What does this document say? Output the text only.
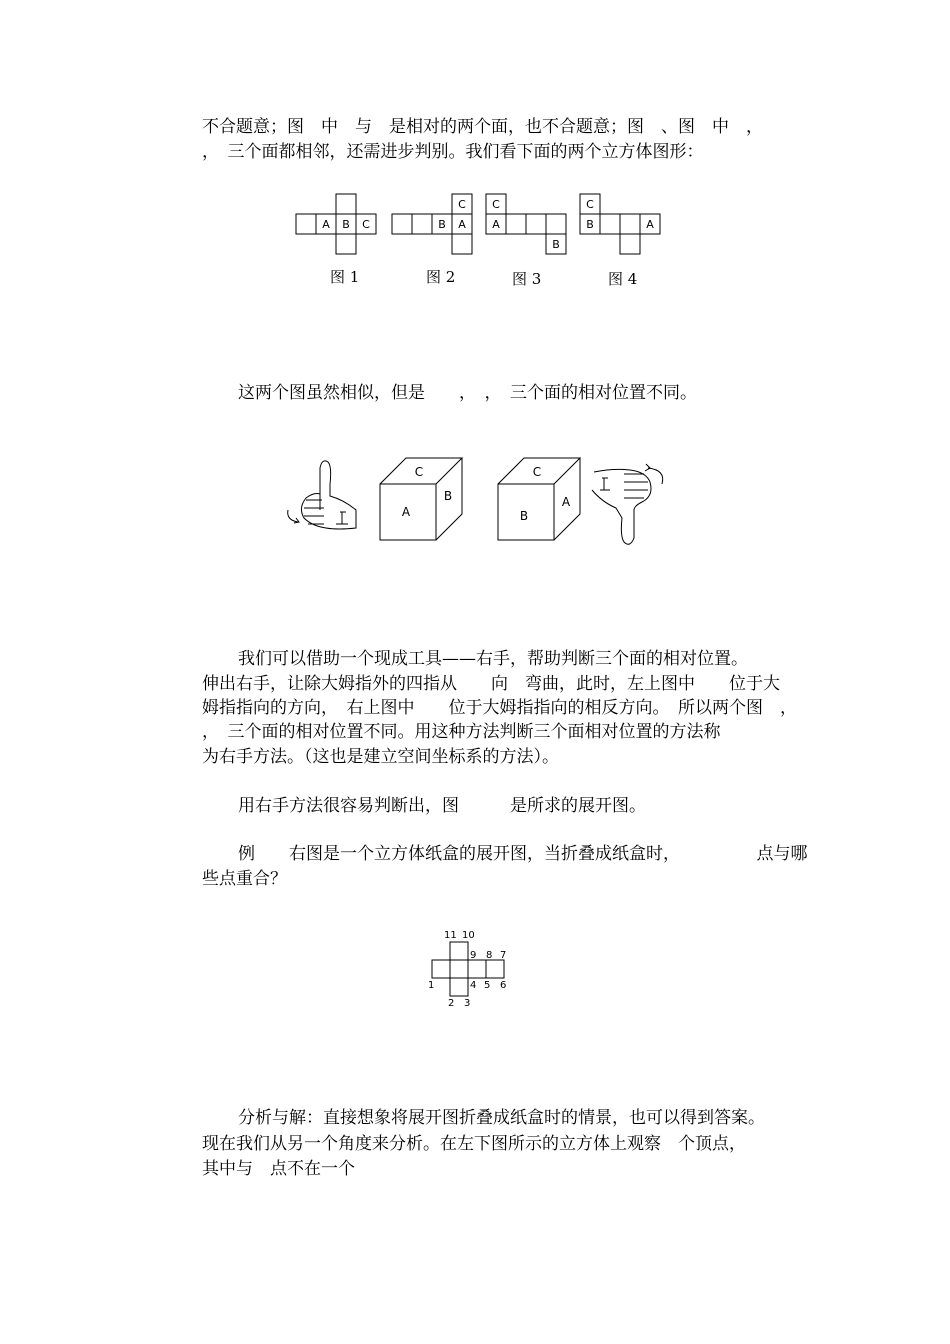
不合题意；图　中　与　是相对的两个面，也不合题意；图　、图　中　，
，　三个面都相邻，还需进步判别。我们看下面的两个立方体图形：
A B C
C
B A
C
A
B
C
B	A
图 1	图 2	图 3	图 4
这两个图虽然相似，但是　　，　，　三个面的相对位置不同。
C
A
B
C
B
A
我们可以借助一个现成工具——右手，帮助判断三个面的相对位置。
伸出右手，让除大姆指外的四指从　　向　弯曲，此时，左上图中　　位于大
姆指指向的方向，　右上图中　　位于大姆指指向的相反方向。　所以两个图　，
，　三个面的相对位置不同。用这种方法判断三个面相对位置的方法称
为右手方法。（这也是建立空间坐标系的方法）。
用右手方法很容易判断出，图　　　是所求的展开图。
例　　右图是一个立方体纸盒的展开图，当折叠成纸盒时，　　　　　点与哪
些点重合？
11 10
9 8 7
1	4 5 6
2 3
分析与解：直接想象将展开图折叠成纸盒时的情景，也可以得到答案。
现在我们从另一个角度来分析。在左下图所示的立方体上观察　个顶点，
其中与　点不在一个
